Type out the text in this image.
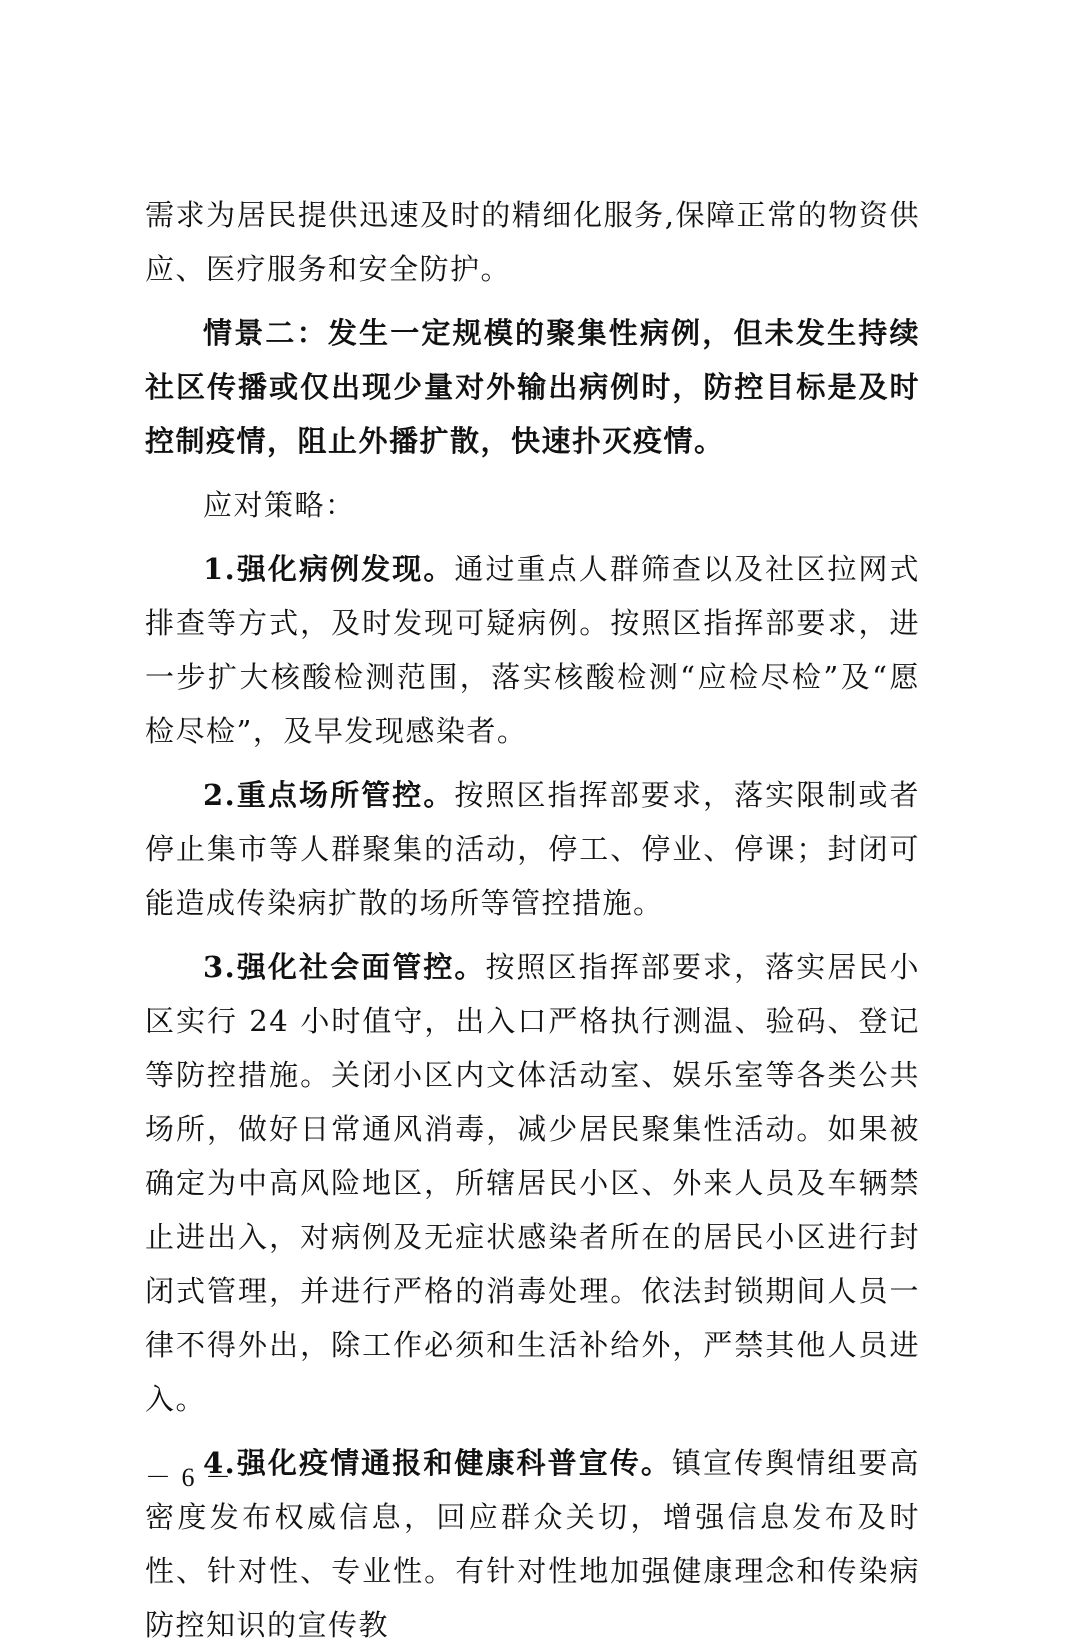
需求为居民提供迅速及时的精细化服务,保障正常的物资供应、医疗服务和安全防护。

情景二：发生一定规模的聚集性病例，但未发生持续社区传播或仅出现少量对外输出病例时，防控目标是及时控制疫情，阻止外播扩散，快速扑灭疫情。

应对策略：

1.强化病例发现。通过重点人群筛查以及社区拉网式排查等方式，及时发现可疑病例。按照区指挥部要求，进一步扩大核酸检测范围，落实核酸检测“应检尽检”及“愿检尽检”，及早发现感染者。

2.重点场所管控。按照区指挥部要求，落实限制或者停止集市等人群聚集的活动，停工、停业、停课；封闭可能造成传染病扩散的场所等管控措施。

3.强化社会面管控。按照区指挥部要求，落实居民小区实行 24 小时值守，出入口严格执行测温、验码、登记等防控措施。关闭小区内文体活动室、娱乐室等各类公共场所，做好日常通风消毒，减少居民聚集性活动。如果被确定为中高风险地区，所辖居民小区、外来人员及车辆禁止进出入，对病例及无症状感染者所在的居民小区进行封闭式管理，并进行严格的消毒处理。依法封锁期间人员一律不得外出，除工作必须和生活补给外，严禁其他人员进入。

4.强化疫情通报和健康科普宣传。镇宣传舆情组要高密度发布权威信息，回应群众关切，增强信息发布及时性、针对性、专业性。有针对性地加强健康理念和传染病防控知识的宣传教

－ 6 －
